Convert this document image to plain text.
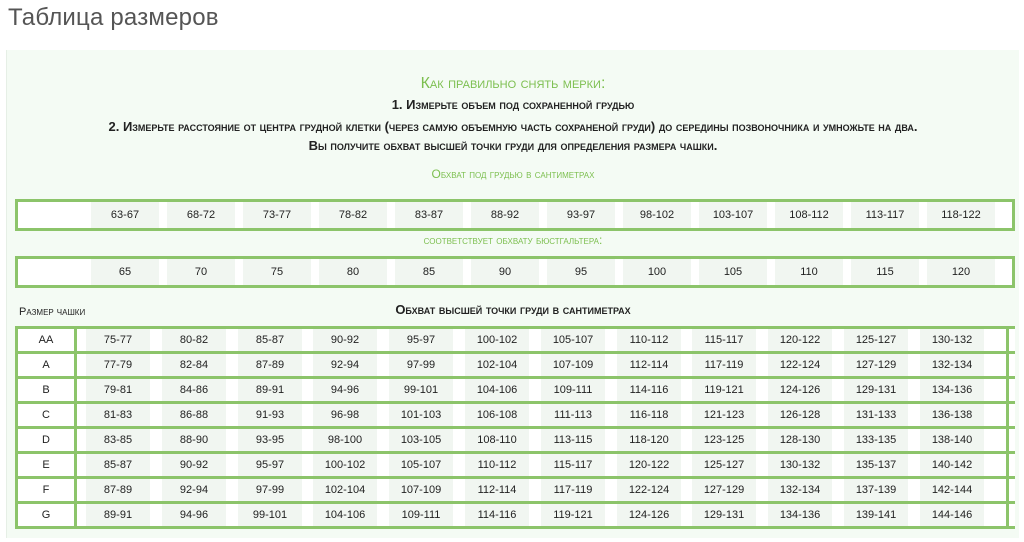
Таблица размеров
Как правильно снять мерки:
1. Измерьте объем под сохраненной грудью
2. Измерьте расстояние от центра грудной клетки (через самую объемную часть сохраненой груди) до середины позвоночника и умножьте на два.
Вы получите обхват высшей точки груди для определения размера чашки.
Обхват под грудью в сантиметрах
63-67	68-72	73-77	78-82	83-87	88-92	93-97	98-102	103-107	108-112	113-117	118-122
соответствует обхвату бюстгальтера:
65	70	75	80	85	90	95	100	105	110	115	120
Размер чашки	Обхват высшей точки груди в сантиметрах
AA	75-77	80-82	85-87	90-92	95-97	100-102	105-107	110-112	115-117	120-122	125-127	130-132
A	77-79	82-84	87-89	92-94	97-99	102-104	107-109	112-114	117-119	122-124	127-129	132-134
B	79-81	84-86	89-91	94-96	99-101	104-106	109-111	114-116	119-121	124-126	129-131	134-136
C	81-83	86-88	91-93	96-98	101-103	106-108	111-113	116-118	121-123	126-128	131-133	136-138
D	83-85	88-90	93-95	98-100	103-105	108-110	113-115	118-120	123-125	128-130	133-135	138-140
E	85-87	90-92	95-97	100-102	105-107	110-112	115-117	120-122	125-127	130-132	135-137	140-142
F	87-89	92-94	97-99	102-104	107-109	112-114	117-119	122-124	127-129	132-134	137-139	142-144
G	89-91	94-96	99-101	104-106	109-111	114-116	119-121	124-126	129-131	134-136	139-141	144-146
